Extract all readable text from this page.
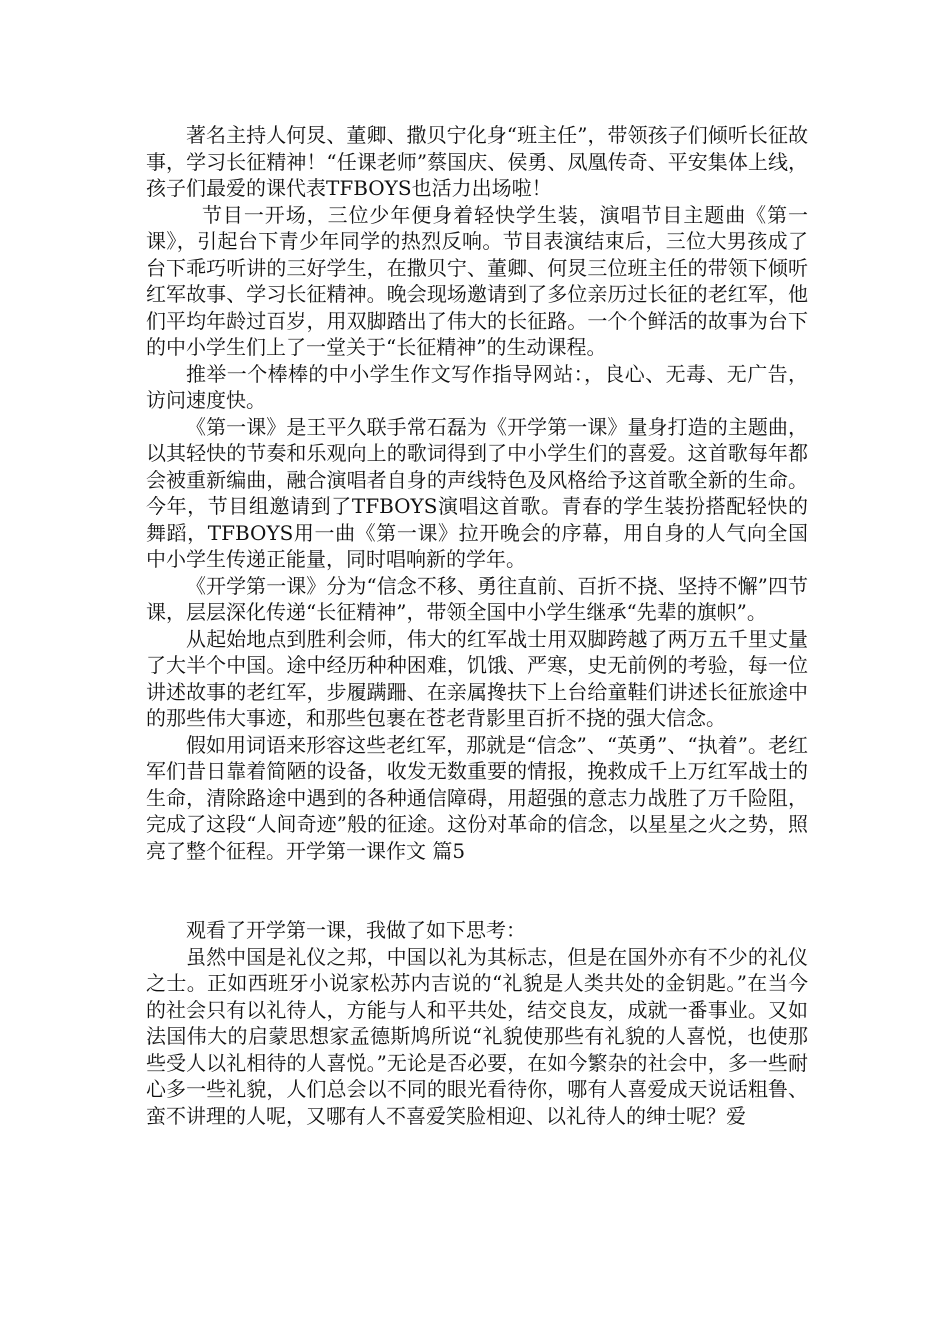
著名主持人何炅、董卿、撒贝宁化身“班主任”，带领孩子们倾听长征故事，学习长征精神！“任课老师”蔡国庆、侯勇、凤凰传奇、平安集体上线，孩子们最爱的课代表TFBOYS也活力出场啦！

节目一开场，三位少年便身着轻快学生装，演唱节目主题曲《第一课》，引起台下青少年同学的热烈反响。节目表演结束后，三位大男孩成了台下乖巧听讲的三好学生，在撒贝宁、董卿、何炅三位班主任的带领下倾听红军故事、学习长征精神。晚会现场邀请到了多位亲历过长征的老红军，他们平均年龄过百岁，用双脚踏出了伟大的长征路。一个个鲜活的故事为台下的中小学生们上了一堂关于“长征精神”的生动课程。

推举一个棒棒的中小学生作文写作指导网站：，良心、无毒、无广告，访问速度快。

《第一课》是王平久联手常石磊为《开学第一课》量身打造的主题曲，以其轻快的节奏和乐观向上的歌词得到了中小学生们的喜爱。这首歌每年都会被重新编曲，融合演唱者自身的声线特色及风格给予这首歌全新的生命。今年，节目组邀请到了TFBOYS演唱这首歌。青春的学生装扮搭配轻快的舞蹈，TFBOYS用一曲《第一课》拉开晚会的序幕，用自身的人气向全国中小学生传递正能量，同时唱响新的学年。

《开学第一课》分为“信念不移、勇往直前、百折不挠、坚持不懈”四节课，层层深化传递“长征精神”，带领全国中小学生继承“先辈的旗帜”。

从起始地点到胜利会师，伟大的红军战士用双脚跨越了两万五千里丈量了大半个中国。途中经历种种困难，饥饿、严寒，史无前例的考验，每一位讲述故事的老红军，步履蹒跚、在亲属搀扶下上台给童鞋们讲述长征旅途中的那些伟大事迹，和那些包裹在苍老背影里百折不挠的强大信念。

假如用词语来形容这些老红军，那就是“信念”、“英勇”、“执着”。老红军们昔日靠着简陋的设备，收发无数重要的情报，挽救成千上万红军战士的生命，清除路途中遇到的各种通信障碍，用超强的意志力战胜了万千险阻，完成了这段“人间奇迹”般的征途。这份对革命的信念，以星星之火之势，照亮了整个征程。开学第一课作文 篇5

观看了开学第一课，我做了如下思考：

虽然中国是礼仪之邦，中国以礼为其标志，但是在国外亦有不少的礼仪之士。正如西班牙小说家松苏内吉说的“礼貌是人类共处的金钥匙。”在当今的社会只有以礼待人，方能与人和平共处，结交良友，成就一番事业。又如法国伟大的启蒙思想家孟德斯鸠所说“礼貌使那些有礼貌的人喜悦，也使那些受人以礼相待的人喜悦。”无论是否必要，在如今繁杂的社会中，多一些耐心多一些礼貌，人们总会以不同的眼光看待你，哪有人喜爱成天说话粗鲁、蛮不讲理的人呢，又哪有人不喜爱笑脸相迎、以礼待人的绅士呢？爱
